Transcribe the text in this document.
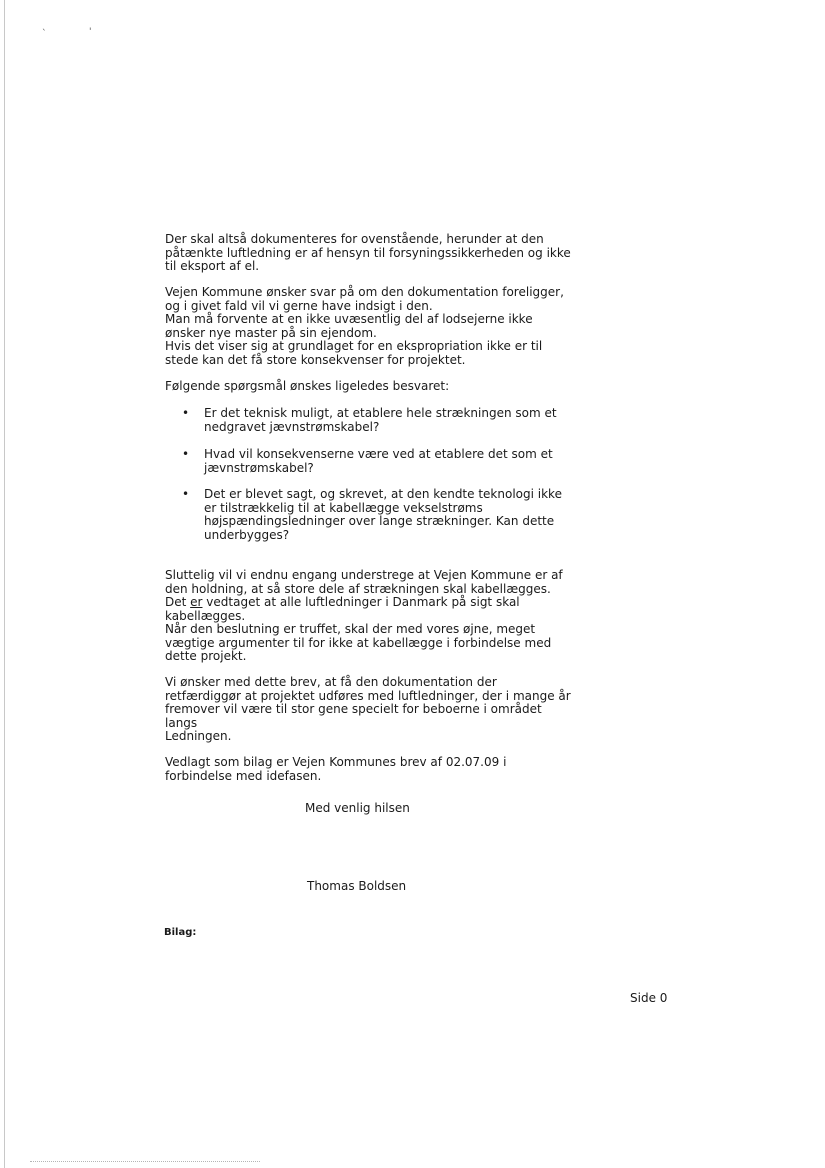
`	'
Der skal altså dokumenteres for ovenstående, herunder at den
påtænkte luftledning er af hensyn til forsyningssikkerheden og ikke
til eksport af el.
Vejen Kommune ønsker svar på om den dokumentation foreligger,
og i givet fald vil vi gerne have indsigt i den.
Man må forvente at en ikke uvæsentlig del af lodsejerne ikke
ønsker nye master på sin ejendom.
Hvis det viser sig at grundlaget for en ekspropriation ikke er til
stede kan det få store konsekvenser for projektet.
Følgende spørgsmål ønskes ligeledes besvaret:
• Er det teknisk muligt, at etablere hele strækningen som et
nedgravet jævnstrømskabel?
• Hvad vil konsekvenserne være ved at etablere det som et
jævnstrømskabel?
• Det er blevet sagt, og skrevet, at den kendte teknologi ikke
er tilstrækkelig til at kabellægge vekselstrøms
højspændingsledninger over lange strækninger. Kan dette
underbygges?
Sluttelig vil vi endnu engang understrege at Vejen Kommune er af
den holdning, at så store dele af strækningen skal kabellægges.
Det er vedtaget at alle luftledninger i Danmark på sigt skal
kabellægges.
Når den beslutning er truffet, skal der med vores øjne, meget
vægtige argumenter til for ikke at kabellægge i forbindelse med
dette projekt.
Vi ønsker med dette brev, at få den dokumentation der
retfærdiggør at projektet udføres med luftledninger, der i mange år
fremover vil være til stor gene specielt for beboerne i området
langs
Ledningen.
Vedlagt som bilag er Vejen Kommunes brev af 02.07.09 i
forbindelse med idefasen.
Med venlig hilsen
Thomas Boldsen
Bilag:
Side 0
